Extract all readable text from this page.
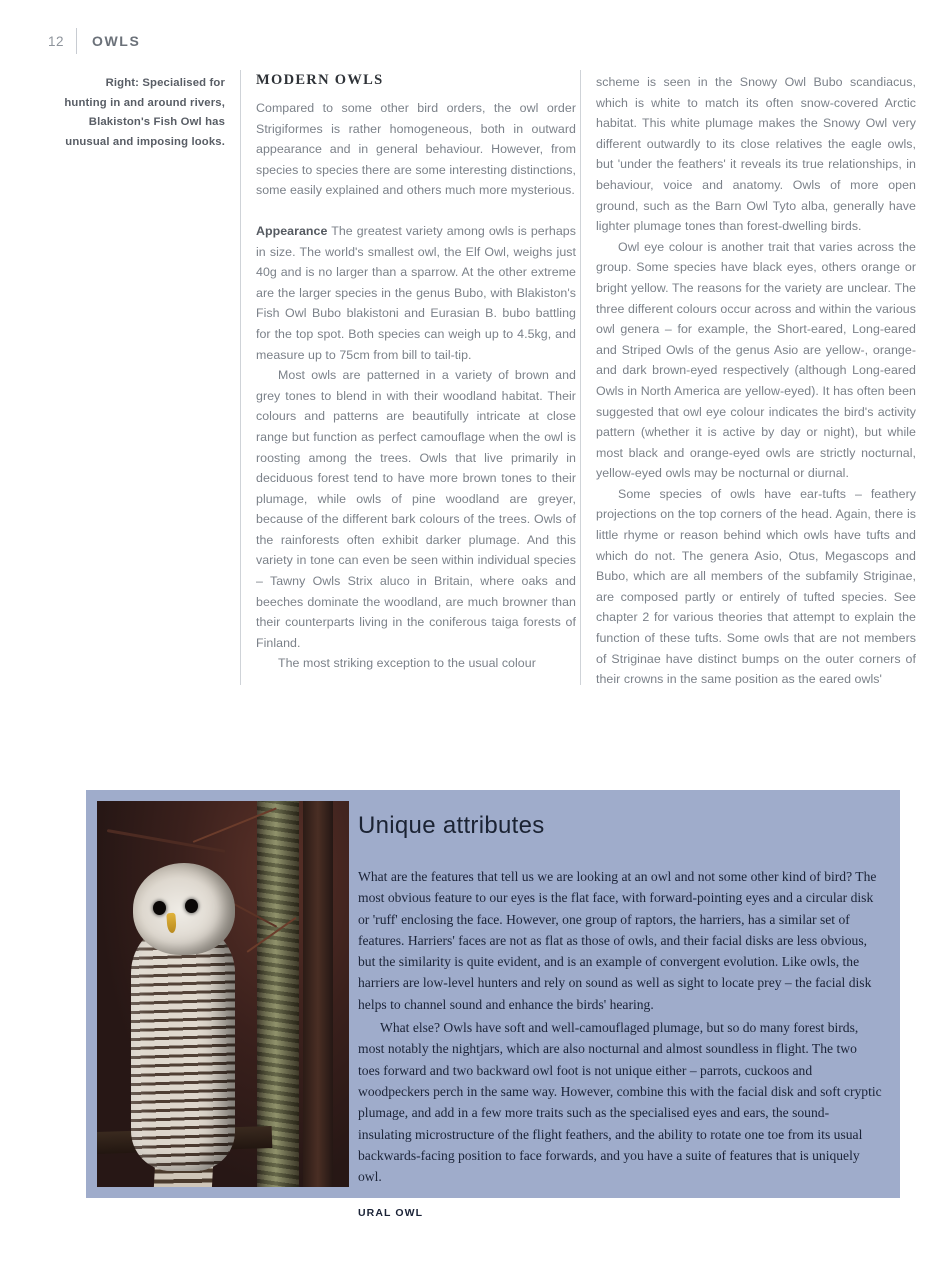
12 OWLS
Right: Specialised for hunting in and around rivers, Blakiston's Fish Owl has unusual and imposing looks.
MODERN OWLS

Compared to some other bird orders, the owl order Strigiformes is rather homogeneous, both in outward appearance and in general behaviour. However, from species to species there are some interesting distinctions, some easily explained and others much more mysterious.

Appearance The greatest variety among owls is perhaps in size. The world's smallest owl, the Elf Owl, weighs just 40g and is no larger than a sparrow. At the other extreme are the larger species in the genus Bubo, with Blakiston's Fish Owl Bubo blakistoni and Eurasian B. bubo battling for the top spot. Both species can weigh up to 4.5kg, and measure up to 75cm from bill to tail-tip.

Most owls are patterned in a variety of brown and grey tones to blend in with their woodland habitat. Their colours and patterns are beautifully intricate at close range but function as perfect camouflage when the owl is roosting among the trees. Owls that live primarily in deciduous forest tend to have more brown tones to their plumage, while owls of pine woodland are greyer, because of the different bark colours of the trees. Owls of the rainforests often exhibit darker plumage. And this variety in tone can even be seen within individual species – Tawny Owls Strix aluco in Britain, where oaks and beeches dominate the woodland, are much browner than their counterparts living in the coniferous taiga forests of Finland.

The most striking exception to the usual colour

scheme is seen in the Snowy Owl Bubo scandiacus, which is white to match its often snow-covered Arctic habitat. This white plumage makes the Snowy Owl very different outwardly to its close relatives the eagle owls, but 'under the feathers' it reveals its true relationships, in behaviour, voice and anatomy. Owls of more open ground, such as the Barn Owl Tyto alba, generally have lighter plumage tones than forest-dwelling birds.

Owl eye colour is another trait that varies across the group. Some species have black eyes, others orange or bright yellow. The reasons for the variety are unclear. The three different colours occur across and within the various owl genera – for example, the Short-eared, Long-eared and Striped Owls of the genus Asio are yellow-, orange- and dark brown-eyed respectively (although Long-eared Owls in North America are yellow-eyed). It has often been suggested that owl eye colour indicates the bird's activity pattern (whether it is active by day or night), but while most black and orange-eyed owls are strictly nocturnal, yellow-eyed owls may be nocturnal or diurnal.

Some species of owls have ear-tufts – feathery projections on the top corners of the head. Again, there is little rhyme or reason behind which owls have tufts and which do not. The genera Asio, Otus, Megascops and Bubo, which are all members of the subfamily Striginae, are composed partly or entirely of tufted species. See chapter 2 for various theories that attempt to explain the function of these tufts. Some owls that are not members of Striginae have distinct bumps on the outer corners of their crowns in the same position as the eared owls'

Unique attributes

What are the features that tell us we are looking at an owl and not some other kind of bird? The most obvious feature to our eyes is the flat face, with forward-pointing eyes and a circular disk or 'ruff' enclosing the face. However, one group of raptors, the harriers, has a similar set of features. Harriers' faces are not as flat as those of owls, and their facial disks are less obvious, but the similarity is quite evident, and is an example of convergent evolution. Like owls, the harriers are low-level hunters and rely on sound as well as sight to locate prey – the facial disk helps to channel sound and enhance the birds' hearing.

What else? Owls have soft and well-camouflaged plumage, but so do many forest birds, most notably the nightjars, which are also nocturnal and almost soundless in flight. The two toes forward and two backward owl foot is not unique either – parrots, cuckoos and woodpeckers perch in the same way. However, combine this with the facial disk and soft cryptic plumage, and add in a few more traits such as the specialised eyes and ears, the sound-insulating microstructure of the flight feathers, and the ability to rotate one toe from its usual backwards-facing position to face forwards, and you have a suite of features that is uniquely owl.

URAL OWL
